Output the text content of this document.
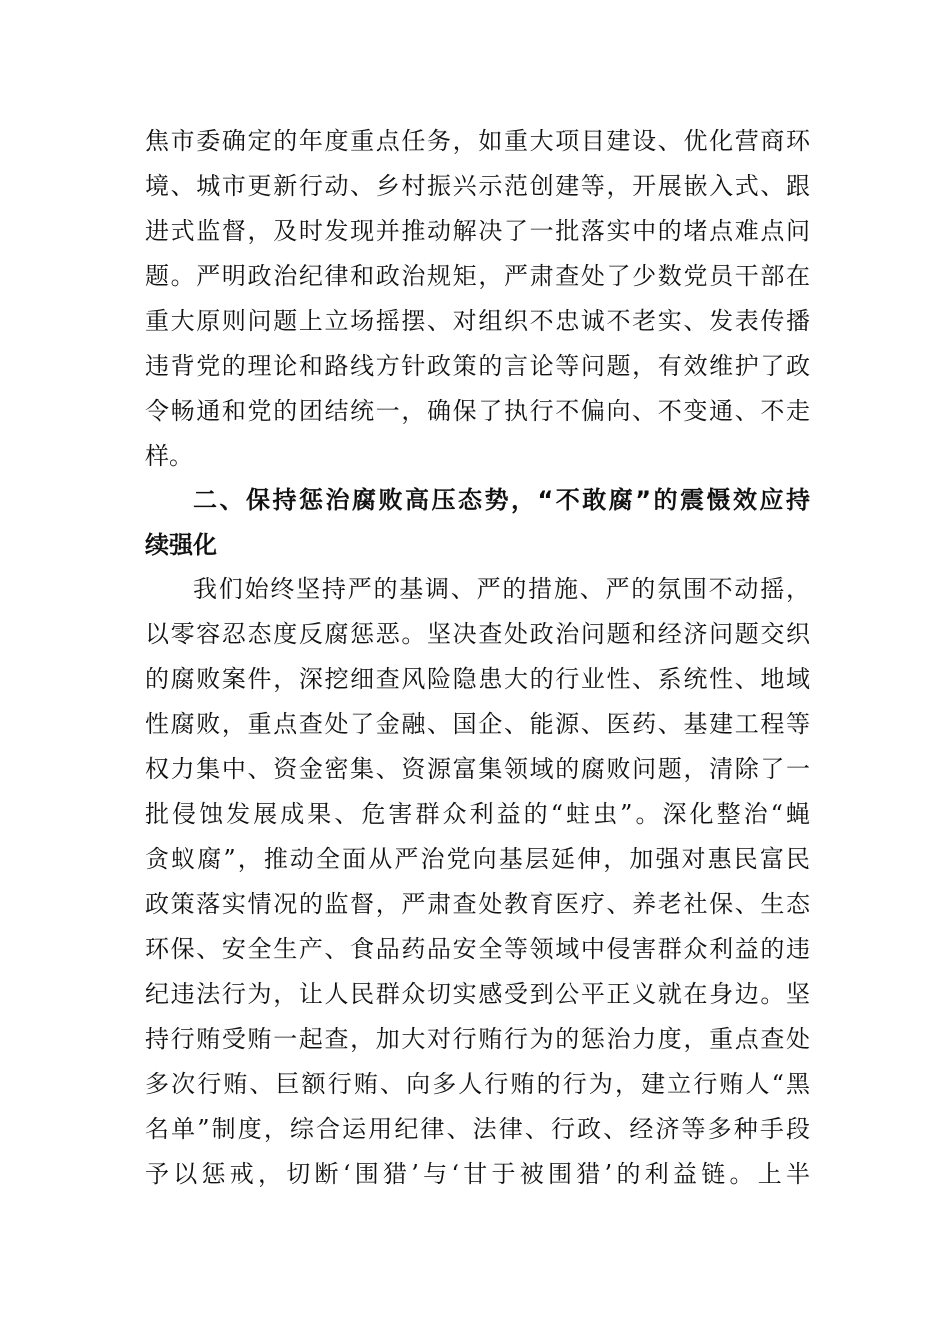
焦市委确定的年度重点任务，如重大项目建设、优化营商环
境、城市更新行动、乡村振兴示范创建等，开展嵌入式、跟
进式监督，及时发现并推动解决了一批落实中的堵点难点问
题。严明政治纪律和政治规矩，严肃查处了少数党员干部在
重大原则问题上立场摇摆、对组织不忠诚不老实、发表传播
违背党的理论和路线方针政策的言论等问题，有效维护了政
令畅通和党的团结统一，确保了执行不偏向、不变通、不走
样。
二、保持惩治腐败高压态势，“不敢腐”的震慑效应持
续强化
我们始终坚持严的基调、严的措施、严的氛围不动摇，
以零容忍态度反腐惩恶。坚决查处政治问题和经济问题交织
的腐败案件，深挖细查风险隐患大的行业性、系统性、地域
性腐败，重点查处了金融、国企、能源、医药、基建工程等
权力集中、资金密集、资源富集领域的腐败问题，清除了一
批侵蚀发展成果、危害群众利益的“蛀虫”。深化整治“蝇
贪蚁腐”，推动全面从严治党向基层延伸，加强对惠民富民
政策落实情况的监督，严肃查处教育医疗、养老社保、生态
环保、安全生产、食品药品安全等领域中侵害群众利益的违
纪违法行为，让人民群众切实感受到公平正义就在身边。坚
持行贿受贿一起查，加大对行贿行为的惩治力度，重点查处
多次行贿、巨额行贿、向多人行贿的行为，建立行贿人“黑
名单”制度，综合运用纪律、法律、行政、经济等多种手段
予以惩戒，切断‘围猎’与‘甘于被围猎’的利益链。上半
